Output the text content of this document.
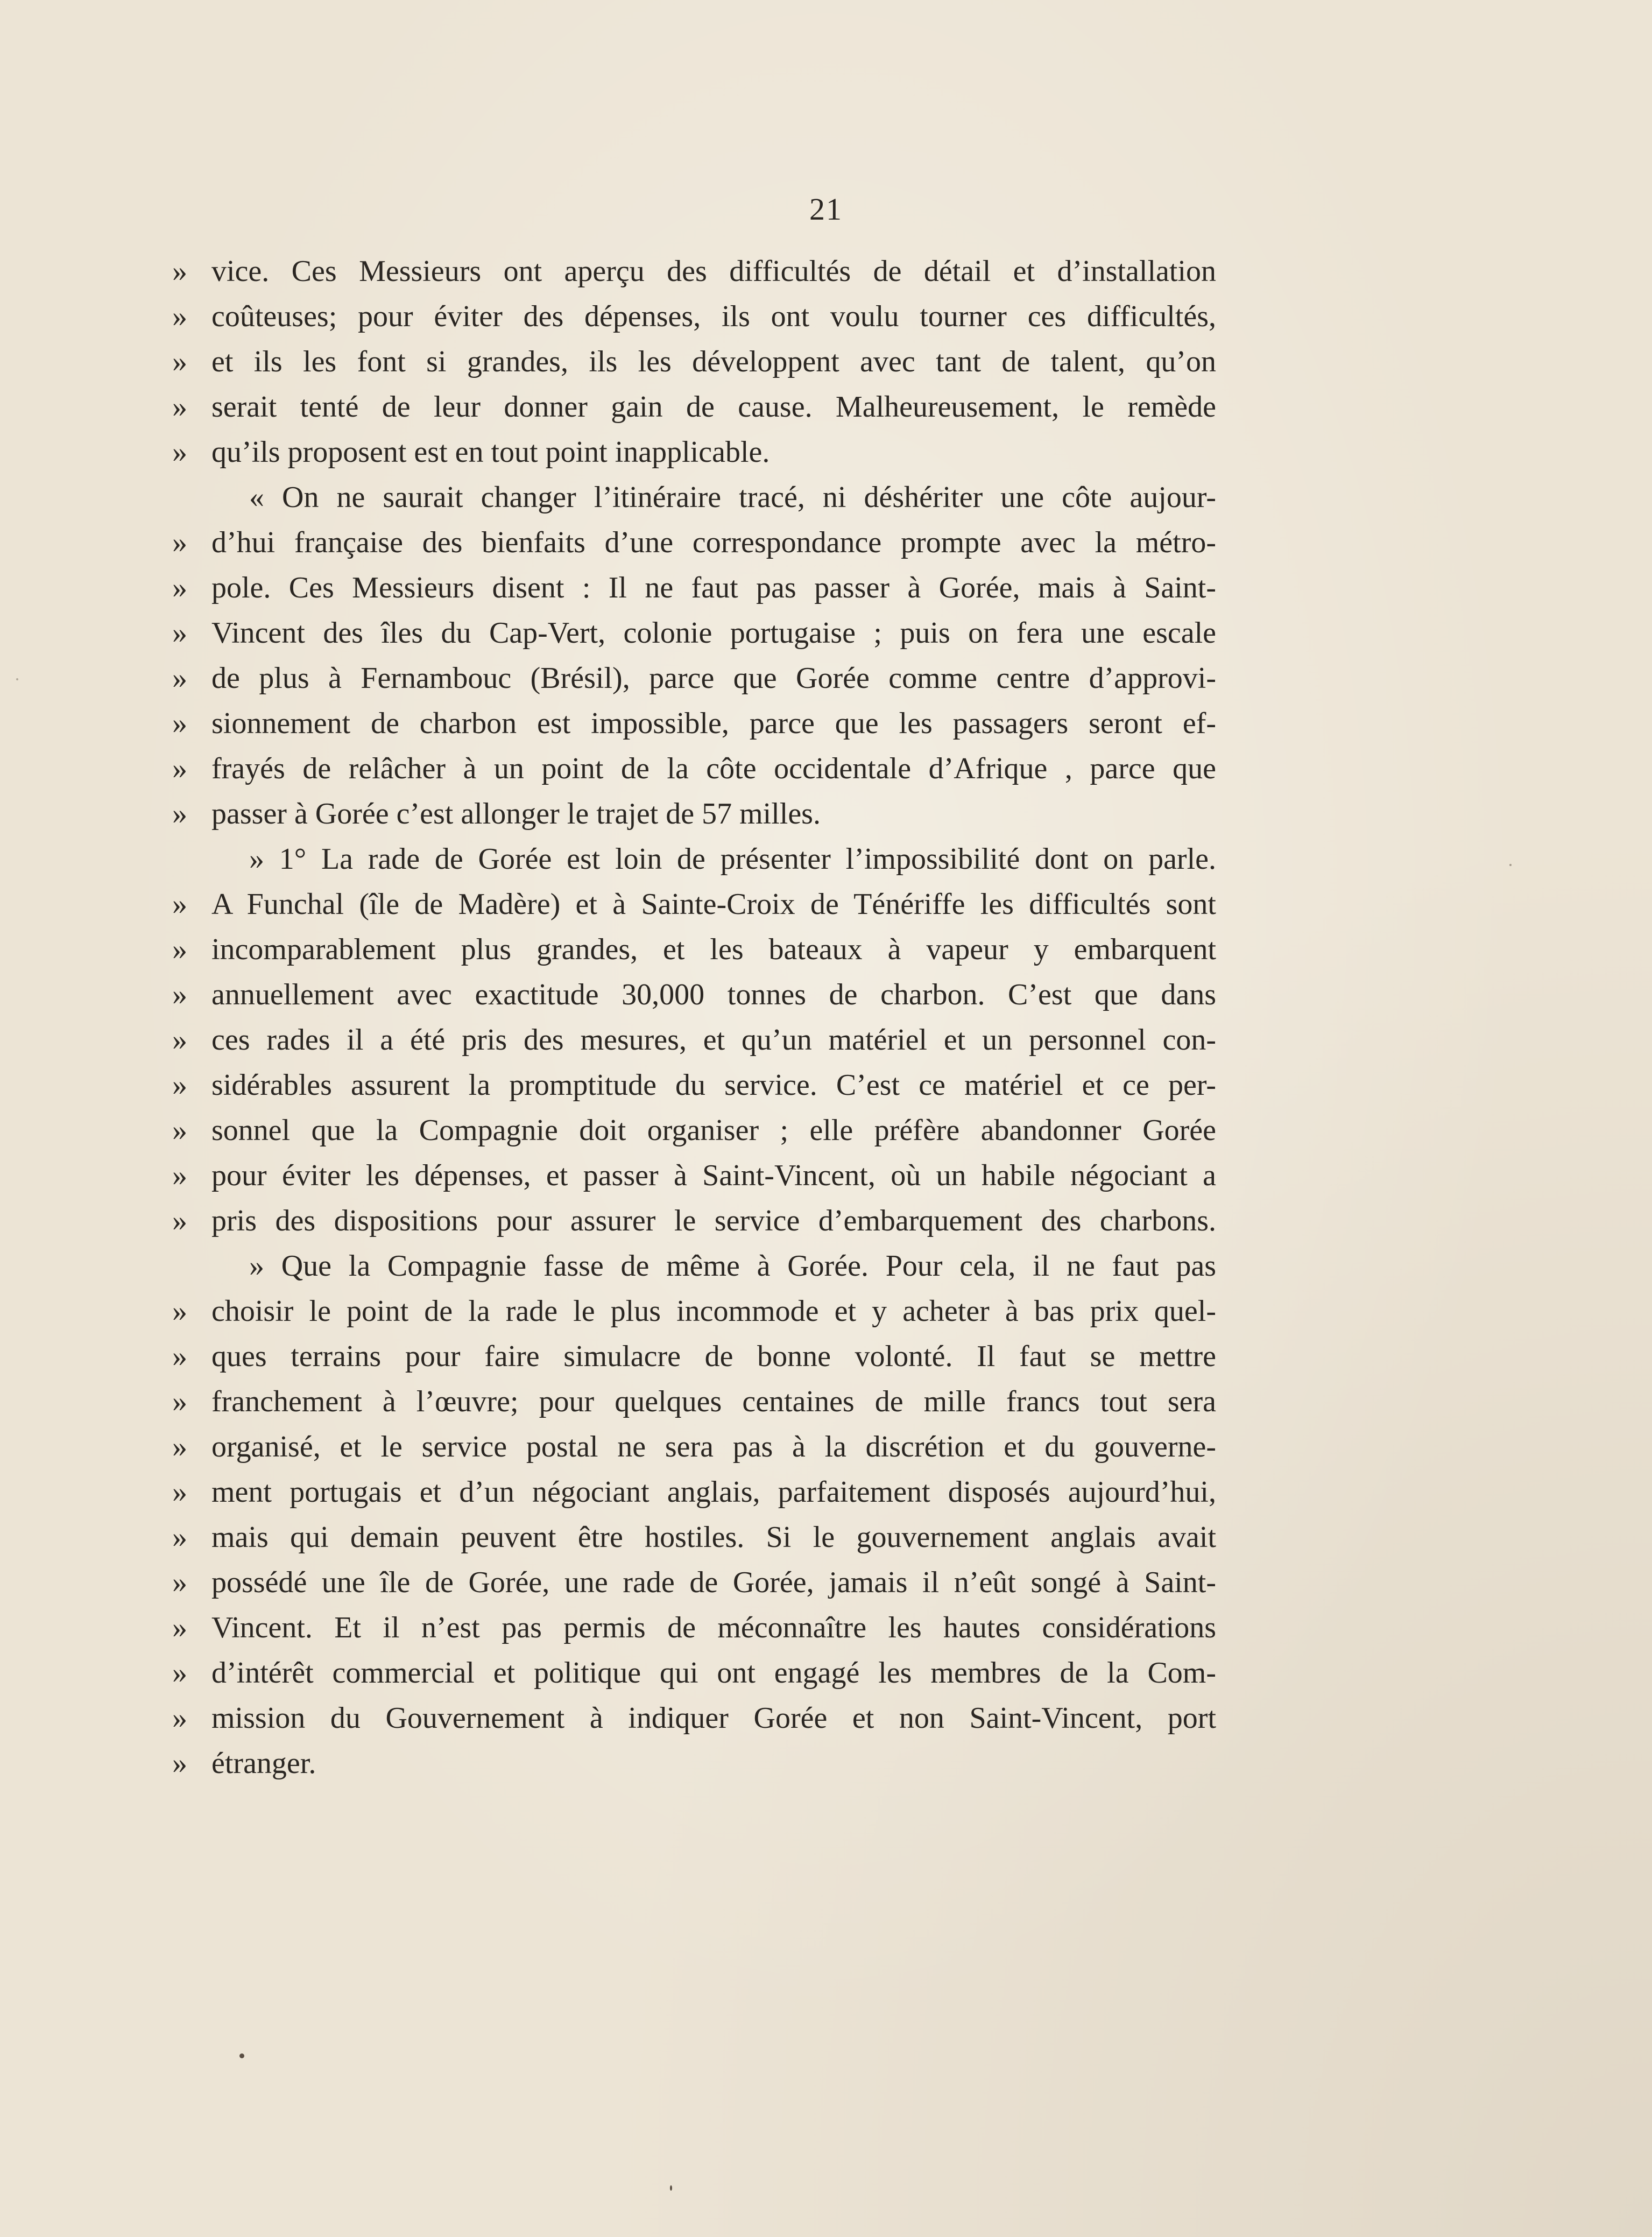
21
» vice. Ces Messieurs ont aperçu des difficultés de détail et d’installation
» coûteuses; pour éviter des dépenses, ils ont voulu tourner ces difficultés,
» et ils les font si grandes, ils les développent avec tant de talent, qu’on
» serait tenté de leur donner gain de cause. Malheureusement, le remède
» qu’ils proposent est en tout point inapplicable.
« On ne saurait changer l’itinéraire tracé, ni déshériter une côte aujour-
» d’hui française des bienfaits d’une correspondance prompte avec la métro-
» pole. Ces Messieurs disent : Il ne faut pas passer à Gorée, mais à Saint-
» Vincent des îles du Cap-Vert, colonie portugaise ; puis on fera une escale
» de plus à Fernambouc (Brésil), parce que Gorée comme centre d’approvi-
» sionnement de charbon est impossible, parce que les passagers seront ef-
» frayés de relâcher à un point de la côte occidentale d’Afrique , parce que
» passer à Gorée c’est allonger le trajet de 57 milles.
» 1° La rade de Gorée est loin de présenter l’impossibilité dont on parle.
» A Funchal (île de Madère) et à Sainte-Croix de Ténériffe les difficultés sont
» incomparablement plus grandes, et les bateaux à vapeur y embarquent
» annuellement avec exactitude 30,000 tonnes de charbon. C’est que dans
» ces rades il a été pris des mesures, et qu’un matériel et un personnel con-
» sidérables assurent la promptitude du service. C’est ce matériel et ce per-
» sonnel que la Compagnie doit organiser ; elle préfère abandonner Gorée
» pour éviter les dépenses, et passer à Saint-Vincent, où un habile négociant a
» pris des dispositions pour assurer le service d’embarquement des charbons.
» Que la Compagnie fasse de même à Gorée. Pour cela, il ne faut pas
» choisir le point de la rade le plus incommode et y acheter à bas prix quel-
» ques terrains pour faire simulacre de bonne volonté. Il faut se mettre
» franchement à l’œuvre; pour quelques centaines de mille francs tout sera
» organisé, et le service postal ne sera pas à la discrétion et du gouverne-
» ment portugais et d’un négociant anglais, parfaitement disposés aujourd’hui,
» mais qui demain peuvent être hostiles. Si le gouvernement anglais avait
» possédé une île de Gorée, une rade de Gorée, jamais il n’eût songé à Saint-
» Vincent. Et il n’est pas permis de méconnaître les hautes considérations
» d’intérêt commercial et politique qui ont engagé les membres de la Com-
» mission du Gouvernement à indiquer Gorée et non Saint-Vincent, port
» étranger.
